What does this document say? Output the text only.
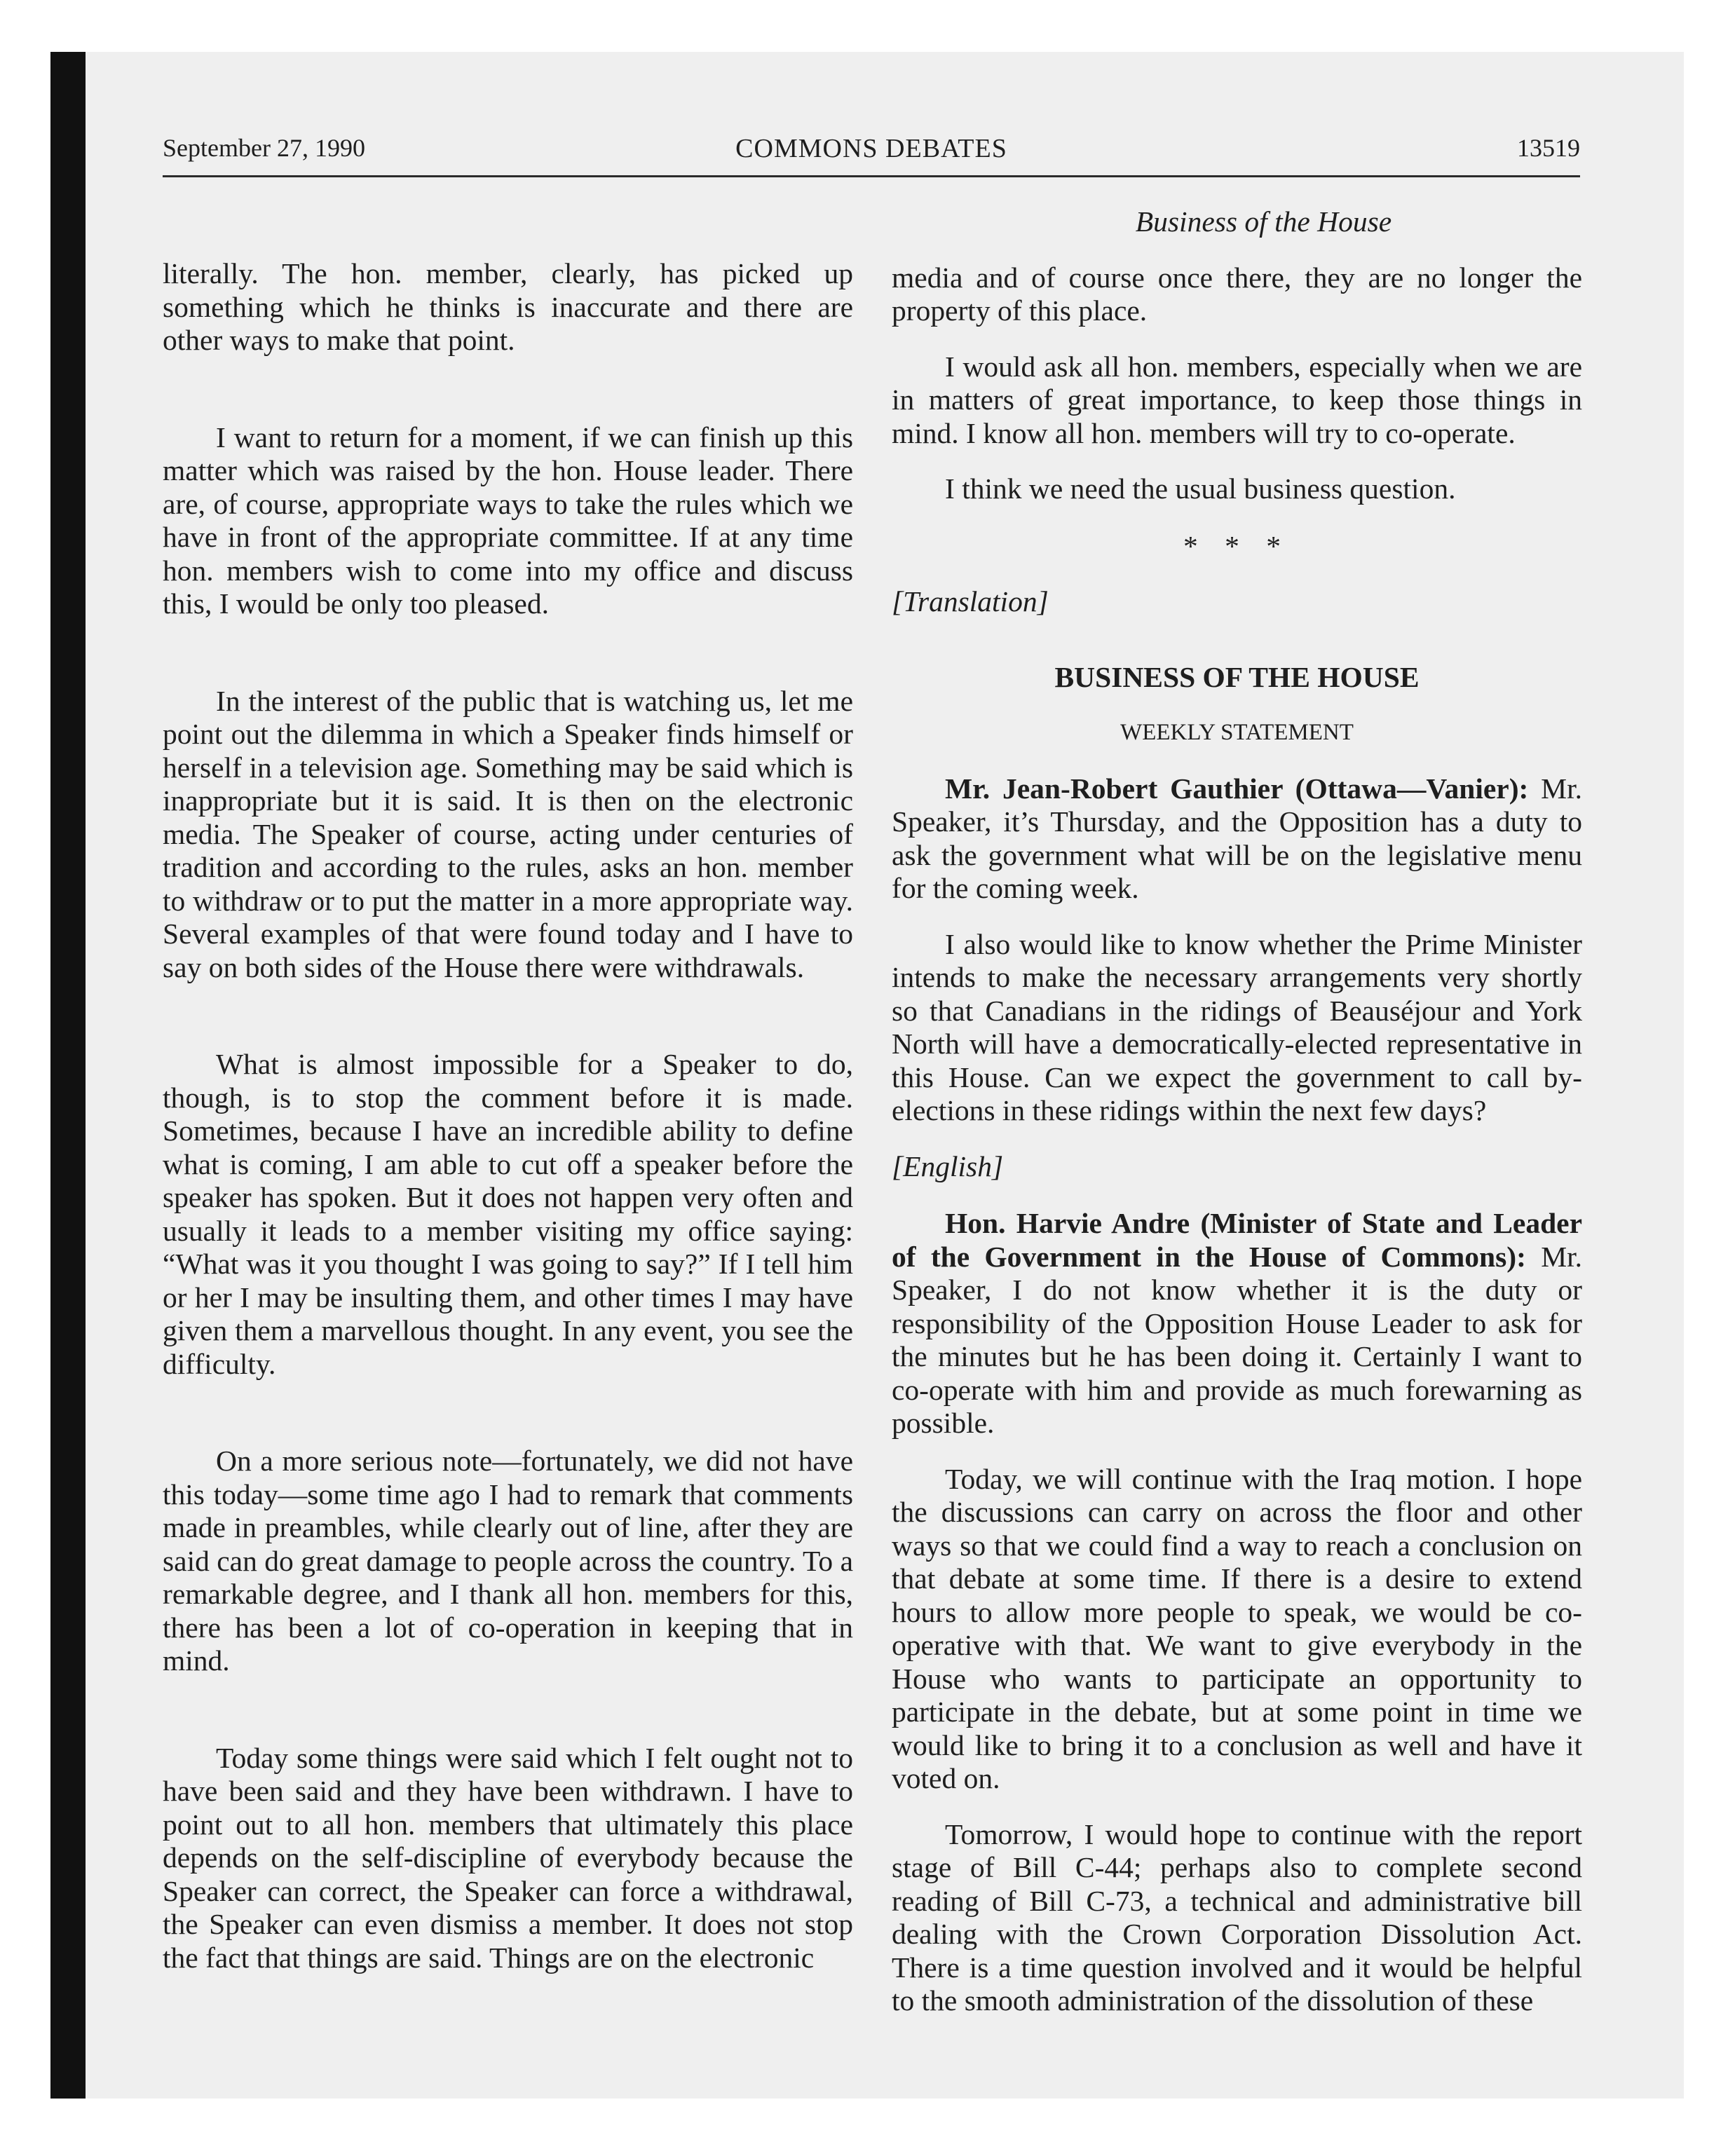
September 27, 1990	COMMONS DEBATES	13519

literally. The hon. member, clearly, has picked up something which he thinks is inaccurate and there are other ways to make that point.

I want to return for a moment, if we can finish up this matter which was raised by the hon. House leader. There are, of course, appropriate ways to take the rules which we have in front of the appropriate committee. If at any time hon. members wish to come into my office and discuss this, I would be only too pleased.

In the interest of the public that is watching us, let me point out the dilemma in which a Speaker finds himself or herself in a television age. Something may be said which is inappropriate but it is said. It is then on the electronic media. The Speaker of course, acting under centuries of tradition and according to the rules, asks an hon. member to withdraw or to put the matter in a more appropriate way. Several examples of that were found today and I have to say on both sides of the House there were withdrawals.

What is almost impossible for a Speaker to do, though, is to stop the comment before it is made. Sometimes, because I have an incredible ability to define what is coming, I am able to cut off a speaker before the speaker has spoken. But it does not happen very often and usually it leads to a member visiting my office saying: “What was it you thought I was going to say?” If I tell him or her I may be insulting them, and other times I may have given them a marvellous thought. In any event, you see the difficulty.

On a more serious note—fortunately, we did not have this today—some time ago I had to remark that comments made in preambles, while clearly out of line, after they are said can do great damage to people across the country. To a remarkable degree, and I thank all hon. members for this, there has been a lot of co-operation in keeping that in mind.

Today some things were said which I felt ought not to have been said and they have been withdrawn. I have to point out to all hon. members that ultimately this place depends on the self-discipline of everybody because the Speaker can correct, the Speaker can force a withdrawal, the Speaker can even dismiss a member. It does not stop the fact that things are said. Things are on the electronic

Business of the House

media and of course once there, they are no longer the property of this place.

I would ask all hon. members, especially when we are in matters of great importance, to keep those things in mind. I know all hon. members will try to co-operate.

I think we need the usual business question.

* * *

[Translation]

BUSINESS OF THE HOUSE
WEEKLY STATEMENT

Mr. Jean-Robert Gauthier (Ottawa—Vanier): Mr. Speaker, it’s Thursday, and the Opposition has a duty to ask the government what will be on the legislative menu for the coming week.

I also would like to know whether the Prime Minister intends to make the necessary arrangements very shortly so that Canadians in the ridings of Beauséjour and York North will have a democratically-elected representative in this House. Can we expect the government to call by-elections in these ridings within the next few days?

[English]

Hon. Harvie Andre (Minister of State and Leader of the Government in the House of Commons): Mr. Speaker, I do not know whether it is the duty or responsibility of the Opposition House Leader to ask for the minutes but he has been doing it. Certainly I want to co-operate with him and provide as much forewarning as possible.

Today, we will continue with the Iraq motion. I hope the discussions can carry on across the floor and other ways so that we could find a way to reach a conclusion on that debate at some time. If there is a desire to extend hours to allow more people to speak, we would be co-operative with that. We want to give everybody in the House who wants to participate an opportunity to participate in the debate, but at some point in time we would like to bring it to a conclusion as well and have it voted on.

Tomorrow, I would hope to continue with the report stage of Bill C-44; perhaps also to complete second reading of Bill C-73, a technical and administrative bill dealing with the Crown Corporation Dissolution Act. There is a time question involved and it would be helpful to the smooth administration of the dissolution of these
